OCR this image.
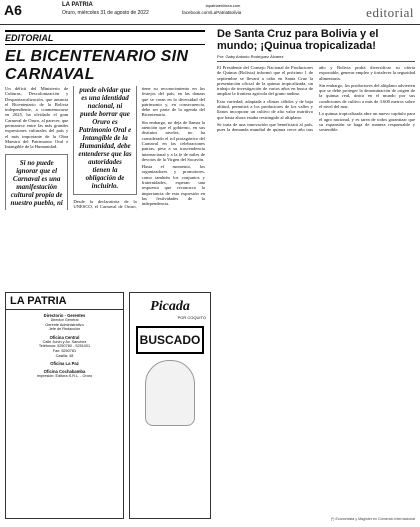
A6	LA PATRIA
Oruro, miércoles 31 de agosto de 2022
lapatriaenlinea.com
facebook.com/LaPatriaBolivia	editorial
EDITORIAL
EL BICENTENARIO SIN CARNAVAL

Un déficit del Ministerio de Culturas, Descolonización y Despatriarcalización, que anuncia el Bicentenario de la Bolivia independiente, a conmemorarse en 2025, ha olvidado el gran Carnaval de Oruro, al parecer, que permanece entre las más grandes expresiones culturales del país y el más importante de la Obra Maestra del Patrimonio Oral e Intangible de la Humanidad.

Si no puede ignorar que el Carnaval es una manifestación cultural propia de nuestro pueblo, ni puede olvidar que es una identidad nacional, ni puede borrar que Oruro es Patrimonio Oral e Intangible de la Humanidad, debe entenderse que las autoridades tienen la obligación de incluirlo.

Desde la declaratoria de la UNESCO, el Carnaval de Oruro, tiene su reconocimiento en los festejos del país, en las danzas que se crean en la diversidad del patrimonio y, en consecuencia, debe ser parte de la agenda del Bicentenario.

Sin embargo, no deja de llamar la atención que el gobierno, en sus distintos niveles, no ha considerado el rol protagónico del Carnaval en las celebraciones patrias, pese a su trascendencia internacional y a la fe de miles de devotos de la Virgen del Socavón.

Hasta el momento, los organizadores y promotores, como también los conjuntos y fraternidades, esperan una respuesta que reconozca la importancia de esta expresión en las festividades de la independencia.

De Santa Cruz para Bolivia y el mundo; ¡Quinua tropicalizada!
Por: Gaby Antonio Rodríguez Álvarez

El Presidente del Consejo Nacional de Productores de Quinua (Bolivia) informó que el próximo 1 de septiembre se llevará a cabo en Santa Cruz la presentación oficial de la quinua tropicalizada, un trabajo de investigación de varios años en busca de ampliar la frontera agrícola del grano andino.

Esta variedad, adaptada a climas cálidos y de baja altitud, permitirá a los productores de los valles y llanos incorporar un cultivo de alto valor nutritivo que hasta ahora estaba restringido al altiplano.

Se trata de una innovación que beneficiará al país, pues la demanda mundial de quinua crece año tras año y Bolivia podrá diversificar su oferta exportable, generar empleo y fortalecer la seguridad alimentaria.

Sin embargo, los productores del altiplano advierten que se debe proteger la denominación de origen de la quinua real, única en el mundo por sus condiciones de cultivo a más de 3.600 metros sobre el nivel del mar.

La quinua tropicalizada abre un nuevo capítulo para el agro nacional, y es tarea de todos garantizar que su expansión se haga de manera responsable y sostenible.

LA PATRIA
Directorio - Gerentes
Director General
Gerente Administrativo
Jefe de Redacción
Oficina Central
Calle Junín y Av. Sánchez
Teléfonos: 5250780 - 5251001
Fax: 5250781
Casilla: 48
Oficina La Paz
Oficina Cochabamba
Impresión: Editora S.R.L. - Oruro
Picada
POR COQUITO
BUSCADO
(*) Economista y Magíster en Comercio Internacional
